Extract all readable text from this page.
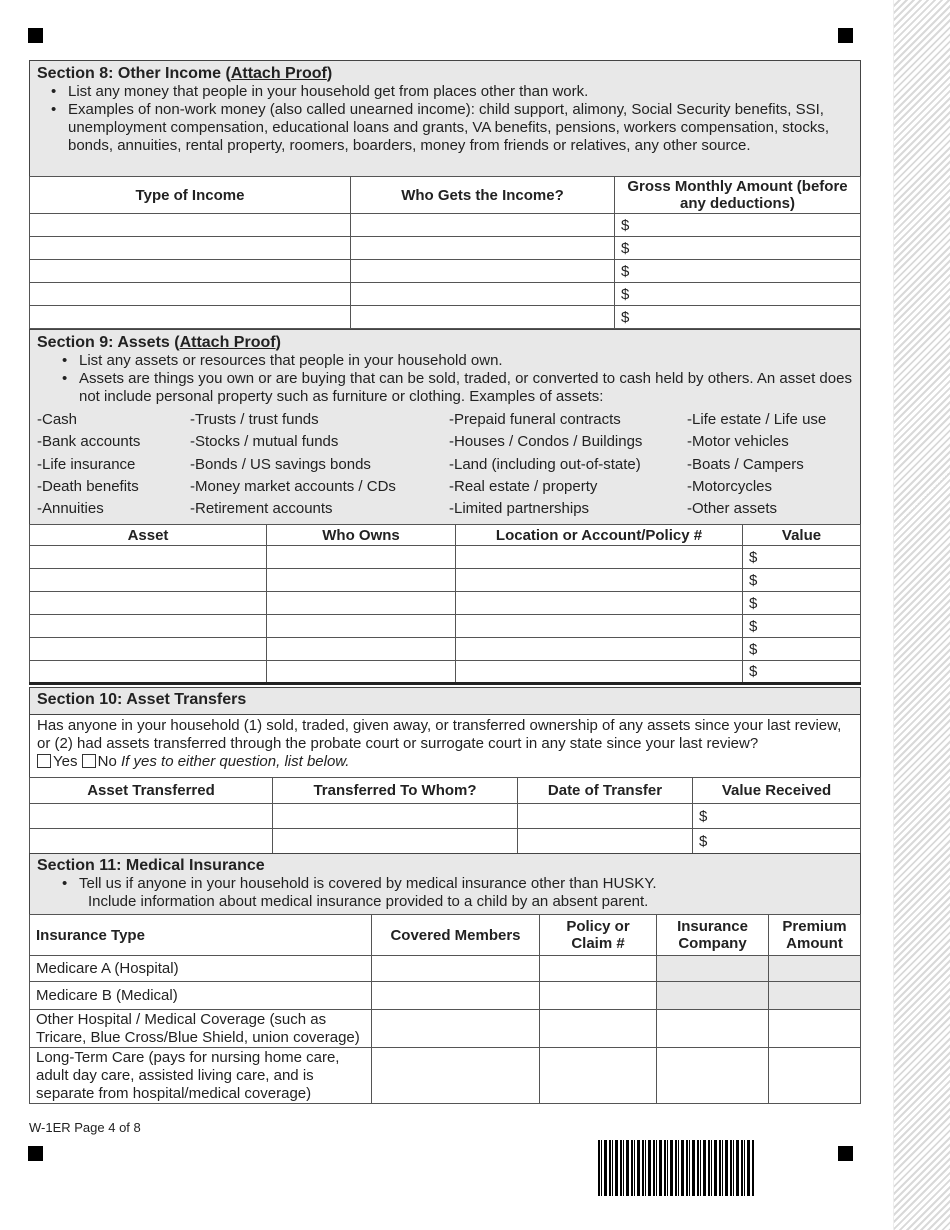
Section 8: Other Income (Attach Proof)
• List any money that people in your household get from places other than work.
• Examples of non-work money (also called unearned income): child support, alimony, Social Security benefits, SSI, unemployment compensation, educational loans and grants, VA benefits, pensions, workers compensation, stocks, bonds, annuities, rental property, roomers, boarders, money from friends or relatives, any other source.
Type of Income	Who Gets the Income?	Gross Monthly Amount (before any deductions)
		$
		$
		$
		$
		$
Section 9: Assets (Attach Proof)
• List any assets or resources that people in your household own.
• Assets are things you own or are buying that can be sold, traded, or converted to cash held by others. An asset does not include personal property such as furniture or clothing. Examples of assets:
-Cash	-Trusts / trust funds	-Prepaid funeral contracts	-Life estate / Life use
-Bank accounts	-Stocks / mutual funds	-Houses / Condos / Buildings	-Motor vehicles
-Life insurance	-Bonds / US savings bonds	-Land (including out-of-state)	-Boats / Campers
-Death benefits	-Money market accounts / CDs	-Real estate / property	-Motorcycles
-Annuities	-Retirement accounts	-Limited partnerships	-Other assets
Asset	Who Owns	Location or Account/Policy #	Value
			$
			$
			$
			$
			$
			$
Section 10: Asset Transfers
Has anyone in your household (1) sold, traded, given away, or transferred ownership of any assets since your last review, or (2) had assets transferred through the probate court or surrogate court in any state since your last review?
Yes No If yes to either question, list below.
Asset Transferred	Transferred To Whom?	Date of Transfer	Value Received
			$
			$
Section 11: Medical Insurance
• Tell us if anyone in your household is covered by medical insurance other than HUSKY.
Include information about medical insurance provided to a child by an absent parent.
Insurance Type	Covered Members	Policy or Claim #	Insurance Company	Premium Amount
Medicare A (Hospital)				
Medicare B (Medical)				
Other Hospital / Medical Coverage (such as Tricare, Blue Cross/Blue Shield, union coverage)				
Long-Term Care (pays for nursing home care, adult day care, assisted living care, and is separate from hospital/medical coverage)				
W-1ER Page 4 of 8
